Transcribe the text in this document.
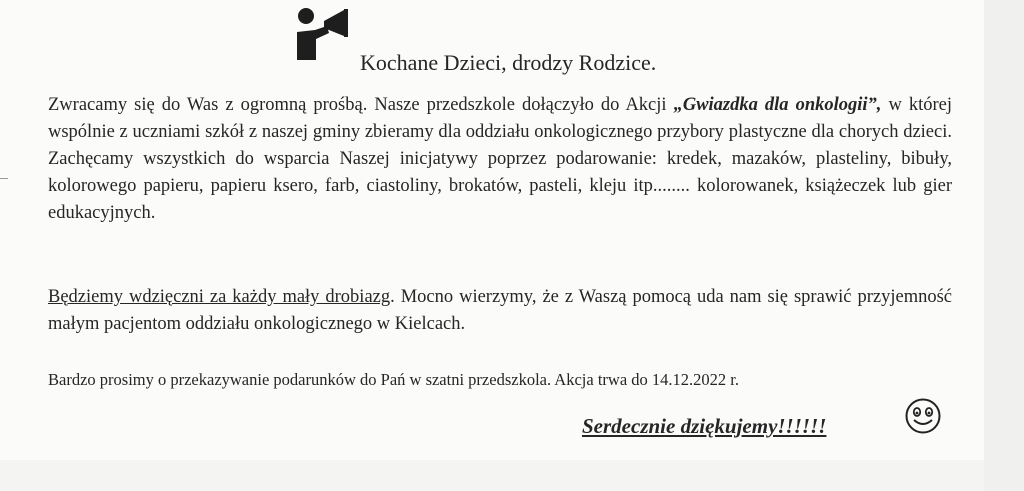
Kochane Dzieci, drodzy Rodzice.

Zwracamy się do Was z ogromną prośbą. Nasze przedszkole dołączyło do Akcji „Gwiazdka dla onkologii”, w której wspólnie z uczniami szkół z naszej gminy zbieramy dla oddziału onkologicznego przybory plastyczne dla chorych dzieci. Zachęcamy wszystkich do wsparcia Naszej inicjatywy poprzez podarowanie: kredek, mazaków, plasteliny, bibuły, kolorowego papieru, papieru ksero, farb, ciastoliny, brokatów, pasteli, kleju itp........ kolorowanek, książeczek lub gier edukacyjnych.

Będziemy wdzięczni za każdy mały drobiazg. Mocno wierzymy, że z Waszą pomocą uda nam się sprawić przyjemność małym pacjentom oddziału onkologicznego w Kielcach.

Bardzo prosimy o przekazywanie podarunków do Pań w szatni przedszkola. Akcja trwa do 14.12.2022 r.

Serdecznie dziękujemy!!!!!!
